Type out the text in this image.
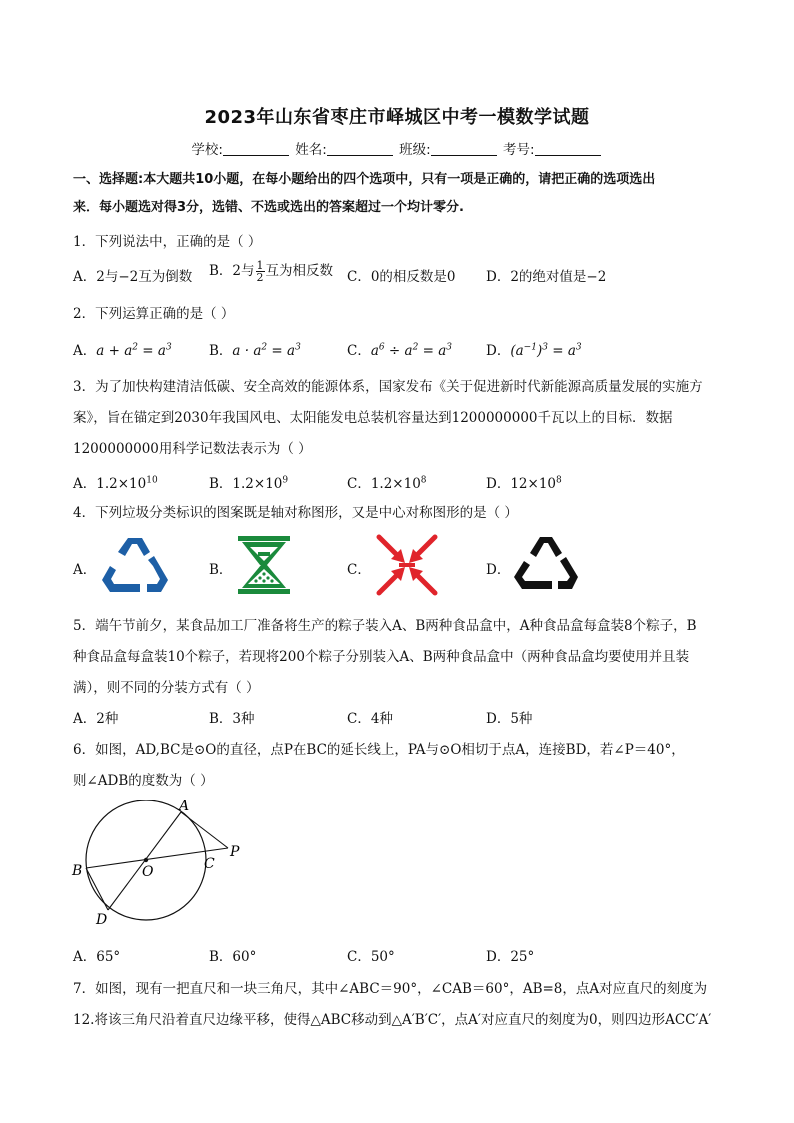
2023年山东省枣庄市峄城区中考一模数学试题
学校:	姓名:	班级:	考号:
一、选择题:本大题共10小题，在每小题给出的四个选项中，只有一项是正确的，请把正确的选项选出
来．每小题选对得3分，选错、不选或选出的答案超过一个均计零分.
1．下列说法中，正确的是（ ）
A．2与−2互为倒数 B．2与 $\frac{1}{2}$ 互为相反数 C．0的相反数是0 D．2的绝对值是−2
2．下列运算正确的是（ ）
A．$a + a^2 = a^3$	B．$a \cdot a^2 = a^3$	C．$a^6 \div a^2 = a^3$	D．$(a^{-1})^3 = a^3$
3．为了加快构建清洁低碳、安全高效的能源体系，国家发布《关于促进新时代新能源高质量发展的实施方
案》，旨在锚定到2030年我国风电、太阳能发电总装机容量达到1200000000千瓦以上的目标．数据
1200000000用科学记数法表示为（ ）
A．$1.2\times 10^{10}$	B．$1.2\times 10^9$	C．$1.2\times 10^8$	D．$12\times 10^8$
4．下列垃圾分类标识的图案既是轴对称图形，又是中心对称图形的是（ ）
A．	B．	C．	D．
5．端午节前夕，某食品加工厂准备将生产的粽子装入A、B两种食品盒中，A种食品盒每盒装8个粽子，B
种食品盒每盒装10个粽子，若现将200个粽子分别装入A、B两种食品盒中（两种食品盒均要使用并且装
满），则不同的分装方式有（ ）
A．2种	B．3种	C．4种	D．5种
6．如图，AD,BC是⊙O的直径，点P在BC的延长线上，PA与⊙O相切于点A，连接BD，若∠P＝40°，
则∠ADB的度数为（ ）
A
B	C
D
O
P
A．65°	B．60°	C．50°	D．25°
7．如图，现有一把直尺和一块三角尺，其中∠ABC＝90°，∠CAB＝60°，AB=8，点A对应直尺的刻度为
12.将该三角尺沿着直尺边缘平移，使得△ABC移动到△A′B′C′，点A′对应直尺的刻度为0，则四边形ACC′A′
